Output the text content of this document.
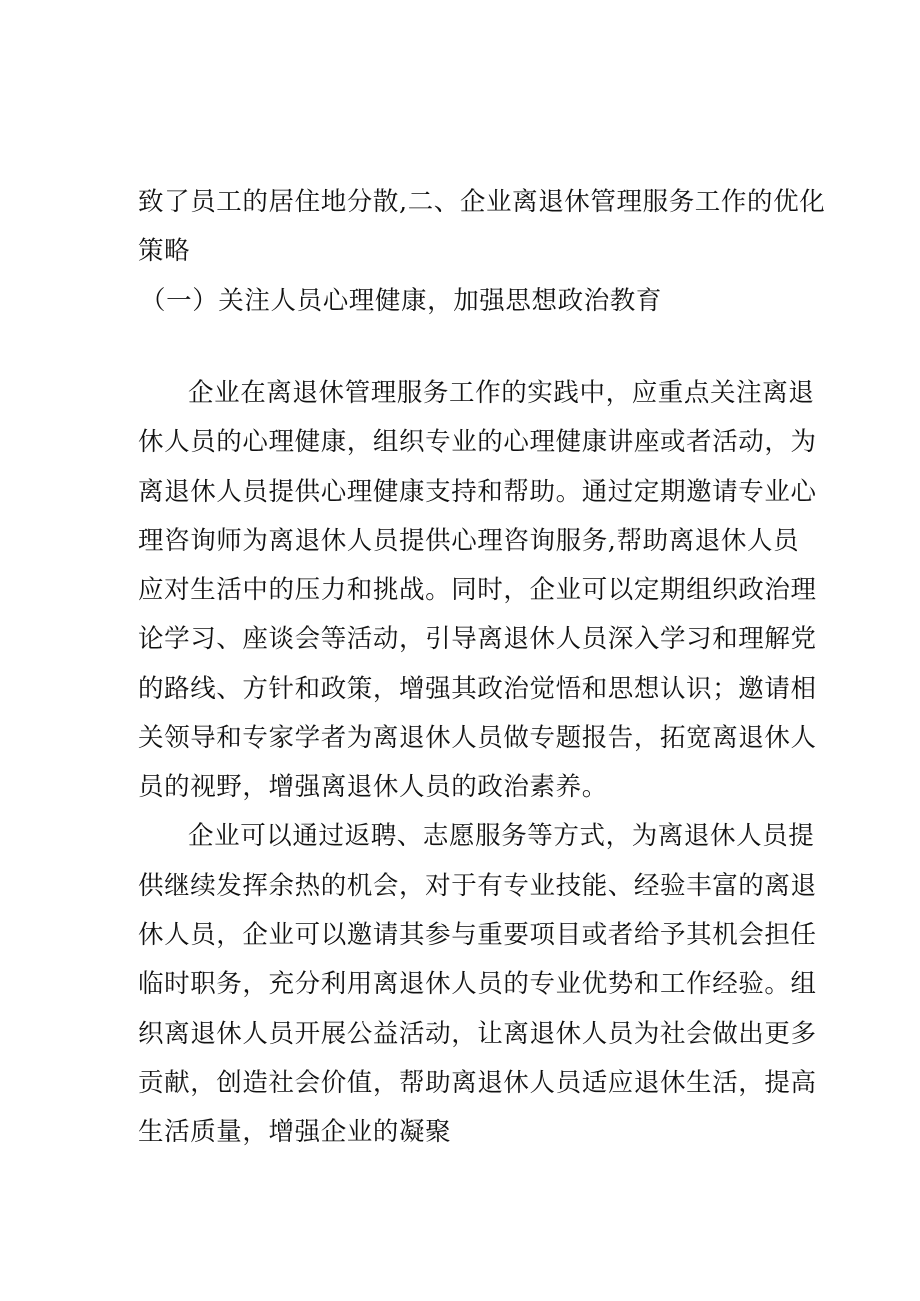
致了员工的居住地分散,二、企业离退休管理服务工作的优化
策略
（一）关注人员心理健康，加强思想政治教育
企业在离退休管理服务工作的实践中，应重点关注离退
休人员的心理健康，组织专业的心理健康讲座或者活动，为
离退休人员提供心理健康支持和帮助。通过定期邀请专业心
理咨询师为离退休人员提供心理咨询服务,帮助离退休人员
应对生活中的压力和挑战。同时，企业可以定期组织政治理
论学习、座谈会等活动，引导离退休人员深入学习和理解党
的路线、方针和政策，增强其政治觉悟和思想认识；邀请相
关领导和专家学者为离退休人员做专题报告，拓宽离退休人
员的视野，增强离退休人员的政治素养。
企业可以通过返聘、志愿服务等方式，为离退休人员提
供继续发挥余热的机会，对于有专业技能、经验丰富的离退
休人员，企业可以邀请其参与重要项目或者给予其机会担任
临时职务，充分利用离退休人员的专业优势和工作经验。组
织离退休人员开展公益活动，让离退休人员为社会做出更多
贡献，创造社会价值，帮助离退休人员适应退休生活，提高
生活质量，增强企业的凝聚
